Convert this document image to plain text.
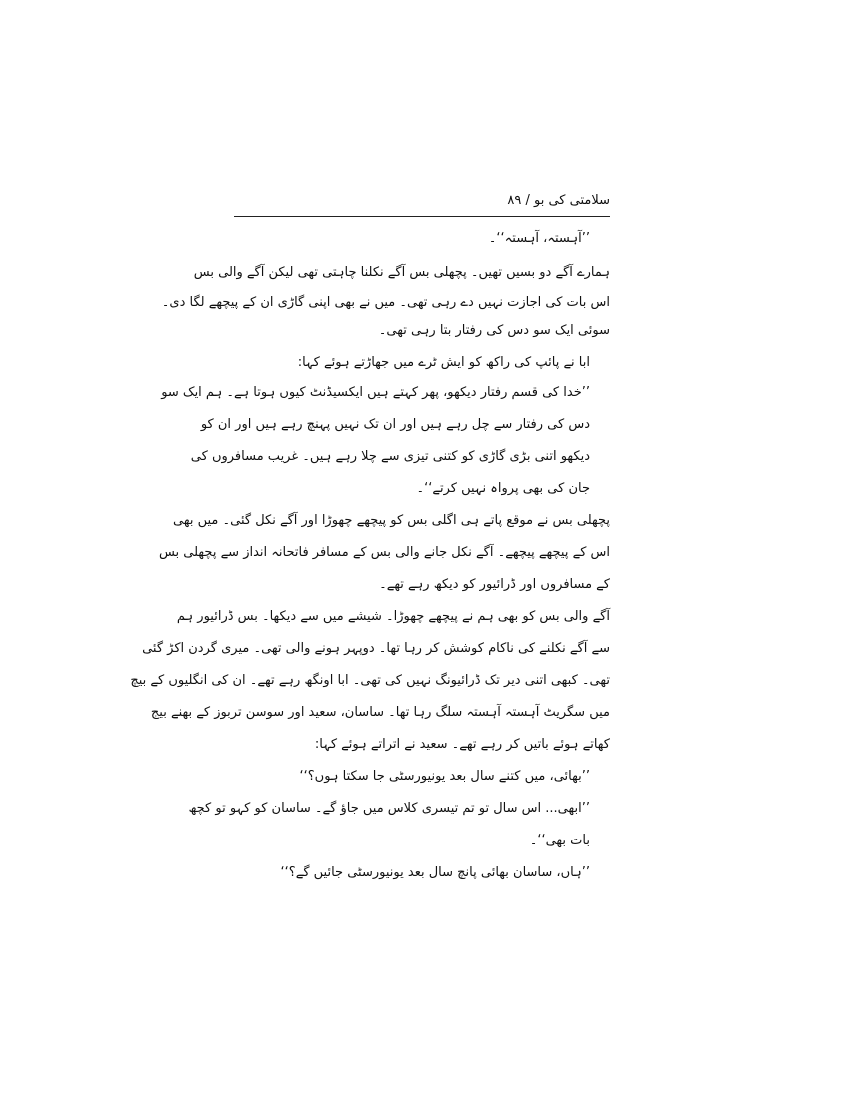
سلامتی کی بو / ۸۹
’’آہستہ، آہستہ‘‘۔
ہمارے آگے دو بسیں تھیں۔ پچھلی بس آگے نکلنا چاہتی تھی لیکن آگے والی بس
اس بات کی اجازت نہیں دے رہی تھی۔ میں نے بھی اپنی گاڑی ان کے پیچھے لگا دی۔
سوئی ایک سو دس کی رفتار بتا رہی تھی۔
ابا نے پائپ کی راکھ کو ایش ٹرے میں جھاڑتے ہوئے کہا:
’’خدا کی قسم رفتار دیکھو، پھر کہتے ہیں ایکسیڈنٹ کیوں ہوتا ہے۔ ہم ایک سو
دس کی رفتار سے چل رہے ہیں اور ان تک نہیں پہنچ رہے ہیں اور ان کو
دیکھو اتنی بڑی گاڑی کو کتنی تیزی سے چلا رہے ہیں۔ غریب مسافروں کی
جان کی بھی پرواہ نہیں کرتے‘‘۔
پچھلی بس نے موقع پاتے ہی اگلی بس کو پیچھے چھوڑا اور آگے نکل گئی۔ میں بھی
اس کے پیچھے پیچھے۔ آگے نکل جانے والی بس کے مسافر فاتحانہ انداز سے پچھلی بس
کے مسافروں اور ڈرائیور کو دیکھ رہے تھے۔
آگے والی بس کو بھی ہم نے پیچھے چھوڑا۔ شیشے میں سے دیکھا۔ بس ڈرائیور ہم
سے آگے نکلنے کی ناکام کوشش کر رہا تھا۔ دوپہر ہونے والی تھی۔ میری گردن اکڑ گئی
تھی۔ کبھی اتنی دیر تک ڈرائیونگ نہیں کی تھی۔ ابا اونگھ رہے تھے۔ ان کی انگلیوں کے بیچ
میں سگریٹ آہستہ آہستہ سلگ رہا تھا۔ ساسان، سعید اور سوسن تربوز کے بھنے بیج
کھاتے ہوئے باتیں کر رہے تھے۔ سعید نے اتراتے ہوئے کہا:
’’بھائی، میں کتنے سال بعد یونیورسٹی جا سکتا ہوں؟‘‘
’’ابھی... اس سال تو تم تیسری کلاس میں جاؤ گے۔ ساسان کو کہو تو کچھ
بات بھی‘‘۔
’’ہاں، ساسان بھائی پانچ سال بعد یونیورسٹی جائیں گے؟‘‘
